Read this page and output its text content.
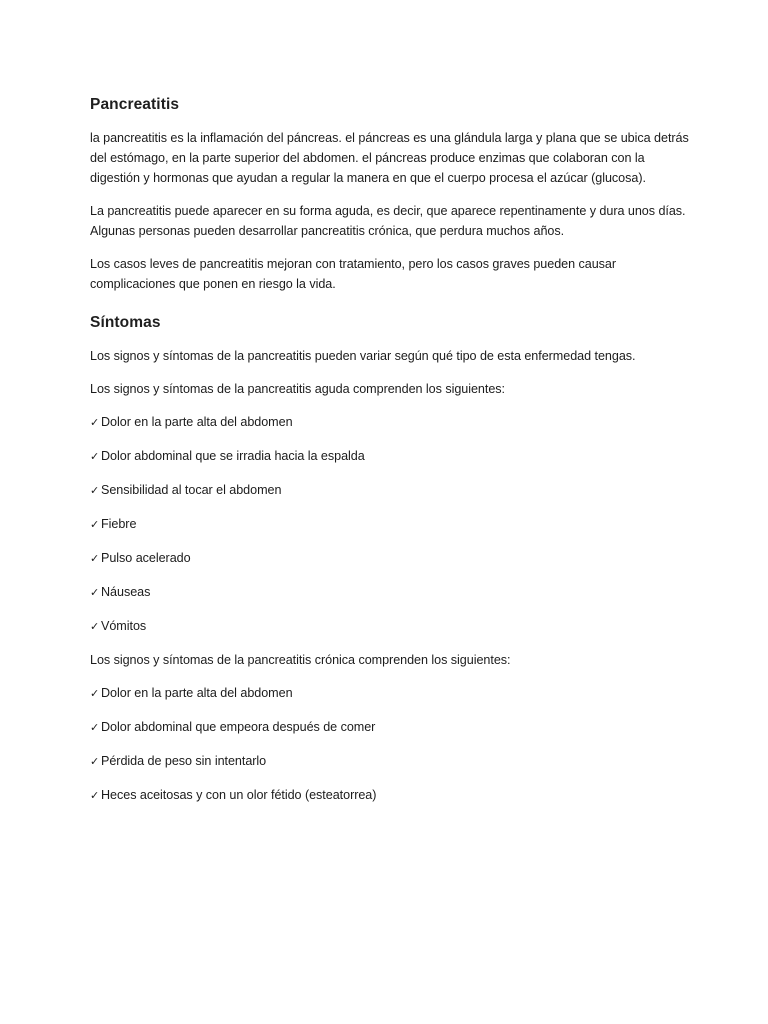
Pancreatitis

la pancreatitis es la inflamación del páncreas. el páncreas es una glándula larga y plana que se ubica detrás del estómago, en la parte superior del abdomen. el páncreas produce enzimas que colaboran con la digestión y hormonas que ayudan a regular la manera en que el cuerpo procesa el azúcar (glucosa).

La pancreatitis puede aparecer en su forma aguda, es decir, que aparece repentinamente y dura unos días. Algunas personas pueden desarrollar pancreatitis crónica, que perdura muchos años.

Los casos leves de pancreatitis mejoran con tratamiento, pero los casos graves pueden causar complicaciones que ponen en riesgo la vida.

Síntomas

Los signos y síntomas de la pancreatitis pueden variar según qué tipo de esta enfermedad tengas.

Los signos y síntomas de la pancreatitis aguda comprenden los siguientes:

✓ Dolor en la parte alta del abdomen
✓ Dolor abdominal que se irradia hacia la espalda
✓ Sensibilidad al tocar el abdomen
✓ Fiebre
✓ Pulso acelerado
✓ Náuseas
✓ Vómitos

Los signos y síntomas de la pancreatitis crónica comprenden los siguientes:

✓ Dolor en la parte alta del abdomen
✓ Dolor abdominal que empeora después de comer
✓ Pérdida de peso sin intentarlo
✓ Heces aceitosas y con un olor fétido (esteatorrea)
